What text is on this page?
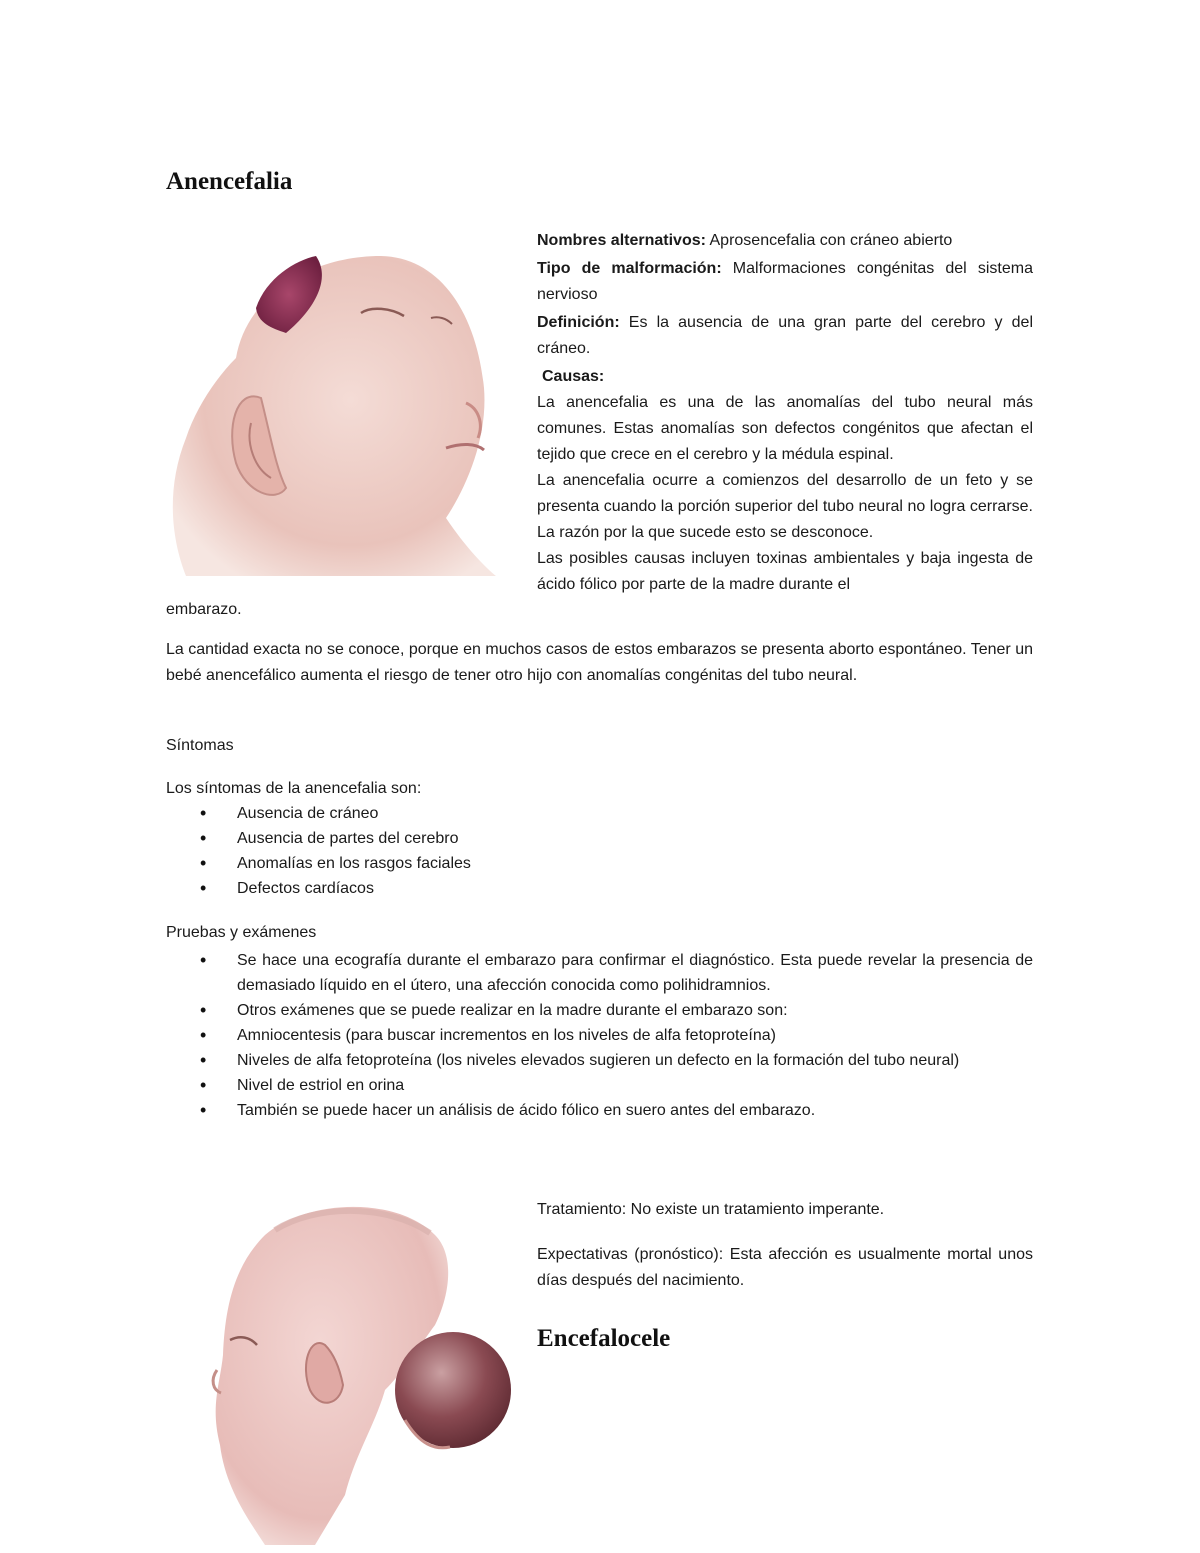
Anencefalia
Nombres alternativos: Aprosencefalia con cráneo abierto
Tipo de malformación: Malformaciones congénitas del sistema nervioso
Definición: Es la ausencia de una gran parte del cerebro y del cráneo.
Causas:
La anencefalia es una de las anomalías del tubo neural más comunes. Estas anomalías son defectos congénitos que afectan el tejido que crece en el cerebro y la médula espinal.
La anencefalia ocurre a comienzos del desarrollo de un feto y se presenta cuando la porción superior del tubo neural no logra cerrarse. La razón por la que sucede esto se desconoce.
Las posibles causas incluyen toxinas ambientales y baja ingesta de ácido fólico por parte de la madre durante el
embarazo.
La cantidad exacta no se conoce, porque en muchos casos de estos embarazos se presenta aborto espontáneo. Tener un bebé anencefálico aumenta el riesgo de tener otro hijo con anomalías congénitas del tubo neural.
Síntomas
Los síntomas de la anencefalia son:
• Ausencia de cráneo
• Ausencia de partes del cerebro
• Anomalías en los rasgos faciales
• Defectos cardíacos
Pruebas y exámenes
• Se hace una ecografía durante el embarazo para confirmar el diagnóstico. Esta puede revelar la presencia de demasiado líquido en el útero, una afección conocida como polihidramnios.
• Otros exámenes que se puede realizar en la madre durante el embarazo son:
• Amniocentesis (para buscar incrementos en los niveles de alfa fetoproteína)
• Niveles de alfa fetoproteína (los niveles elevados sugieren un defecto en la formación del tubo neural)
• Nivel de estriol en orina
• También se puede hacer un análisis de ácido fólico en suero antes del embarazo.
Tratamiento: No existe un tratamiento imperante.
Expectativas (pronóstico): Esta afección es usualmente mortal unos días después del nacimiento.
Encefalocele
